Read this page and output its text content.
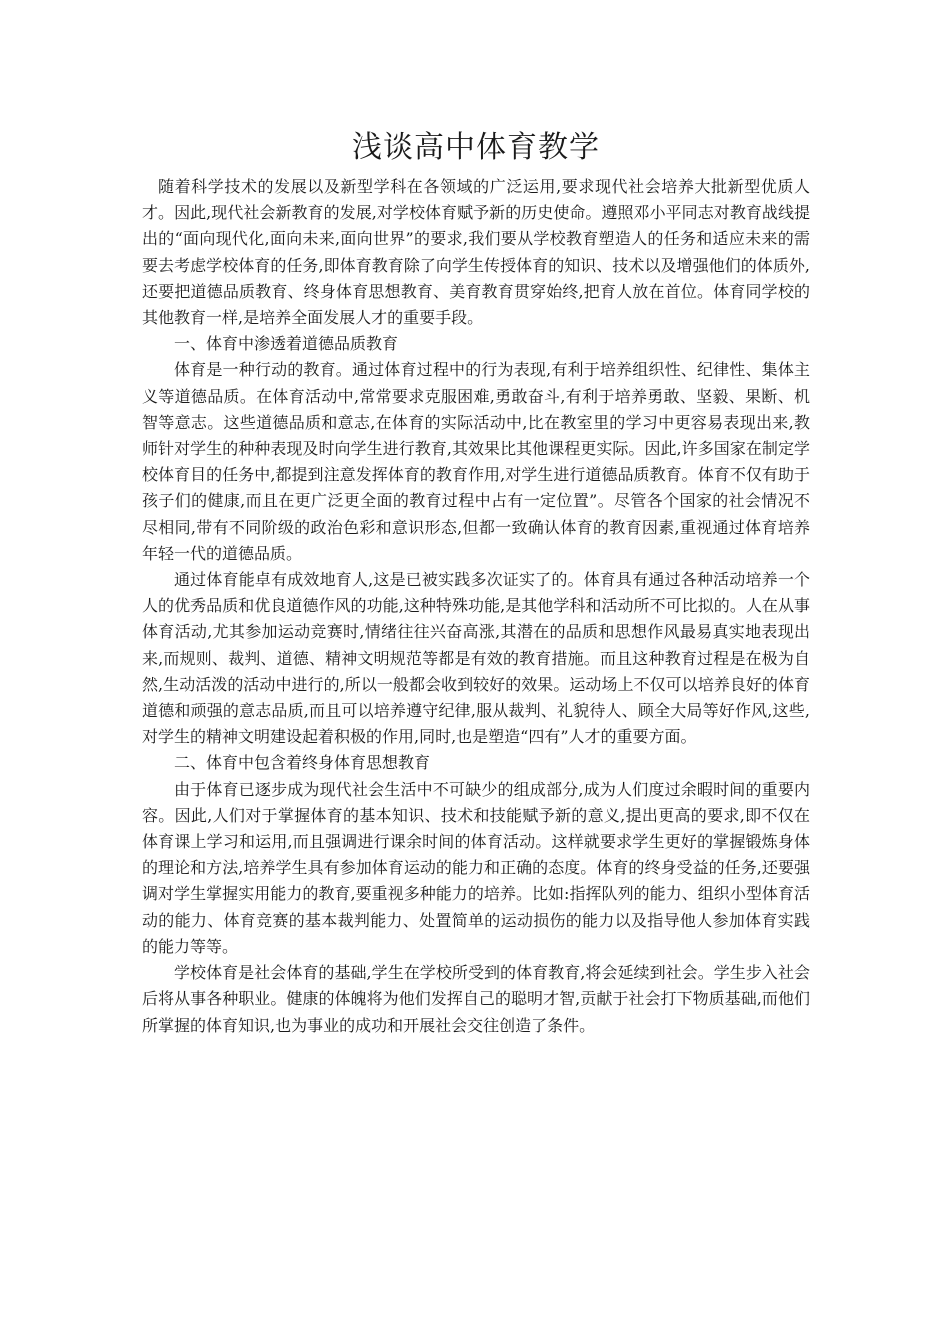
浅谈高中体育教学

随着科学技术的发展以及新型学科在各领域的广泛运用,要求现代社会培养大批新型优质人才。因此,现代社会新教育的发展,对学校体育赋予新的历史使命。遵照邓小平同志对教育战线提出的“面向现代化,面向未来,面向世界”的要求,我们要从学校教育塑造人的任务和适应未来的需要去考虑学校体育的任务,即体育教育除了向学生传授体育的知识、技术以及增强他们的体质外,还要把道德品质教育、终身体育思想教育、美育教育贯穿始终,把育人放在首位。体育同学校的其他教育一样,是培养全面发展人才的重要手段。

一、体育中渗透着道德品质教育

体育是一种行动的教育。通过体育过程中的行为表现,有利于培养组织性、纪律性、集体主义等道德品质。在体育活动中,常常要求克服困难,勇敢奋斗,有利于培养勇敢、坚毅、果断、机智等意志。这些道德品质和意志,在体育的实际活动中,比在教室里的学习中更容易表现出来,教师针对学生的种种表现及时向学生进行教育,其效果比其他课程更实际。因此,许多国家在制定学校体育目的任务中,都提到注意发挥体育的教育作用,对学生进行道德品质教育。体育不仅有助于孩子们的健康,而且在更广泛更全面的教育过程中占有一定位置”。尽管各个国家的社会情况不尽相同,带有不同阶级的政治色彩和意识形态,但都一致确认体育的教育因素,重视通过体育培养年轻一代的道德品质。

通过体育能卓有成效地育人,这是已被实践多次证实了的。体育具有通过各种活动培养一个人的优秀品质和优良道德作风的功能,这种特殊功能,是其他学科和活动所不可比拟的。人在从事体育活动,尤其参加运动竞赛时,情绪往往兴奋高涨,其潜在的品质和思想作风最易真实地表现出来,而规则、裁判、道德、精神文明规范等都是有效的教育措施。而且这种教育过程是在极为自然,生动活泼的活动中进行的,所以一般都会收到较好的效果。运动场上不仅可以培养良好的体育道德和顽强的意志品质,而且可以培养遵守纪律,服从裁判、礼貌待人、顾全大局等好作风,这些,对学生的精神文明建设起着积极的作用,同时,也是塑造“四有”人才的重要方面。

二、体育中包含着终身体育思想教育

由于体育已逐步成为现代社会生活中不可缺少的组成部分,成为人们度过余暇时间的重要内容。因此,人们对于掌握体育的基本知识、技术和技能赋予新的意义,提出更高的要求,即不仅在体育课上学习和运用,而且强调进行课余时间的体育活动。这样就要求学生更好的掌握锻炼身体的理论和方法,培养学生具有参加体育运动的能力和正确的态度。体育的终身受益的任务,还要强调对学生掌握实用能力的教育,要重视多种能力的培养。比如:指挥队列的能力、组织小型体育活动的能力、体育竞赛的基本裁判能力、处置简单的运动损伤的能力以及指导他人参加体育实践的能力等等。

学校体育是社会体育的基础,学生在学校所受到的体育教育,将会延续到社会。学生步入社会后将从事各种职业。健康的体魄将为他们发挥自己的聪明才智,贡献于社会打下物质基础,而他们所掌握的体育知识,也为事业的成功和开展社会交往创造了条件。
